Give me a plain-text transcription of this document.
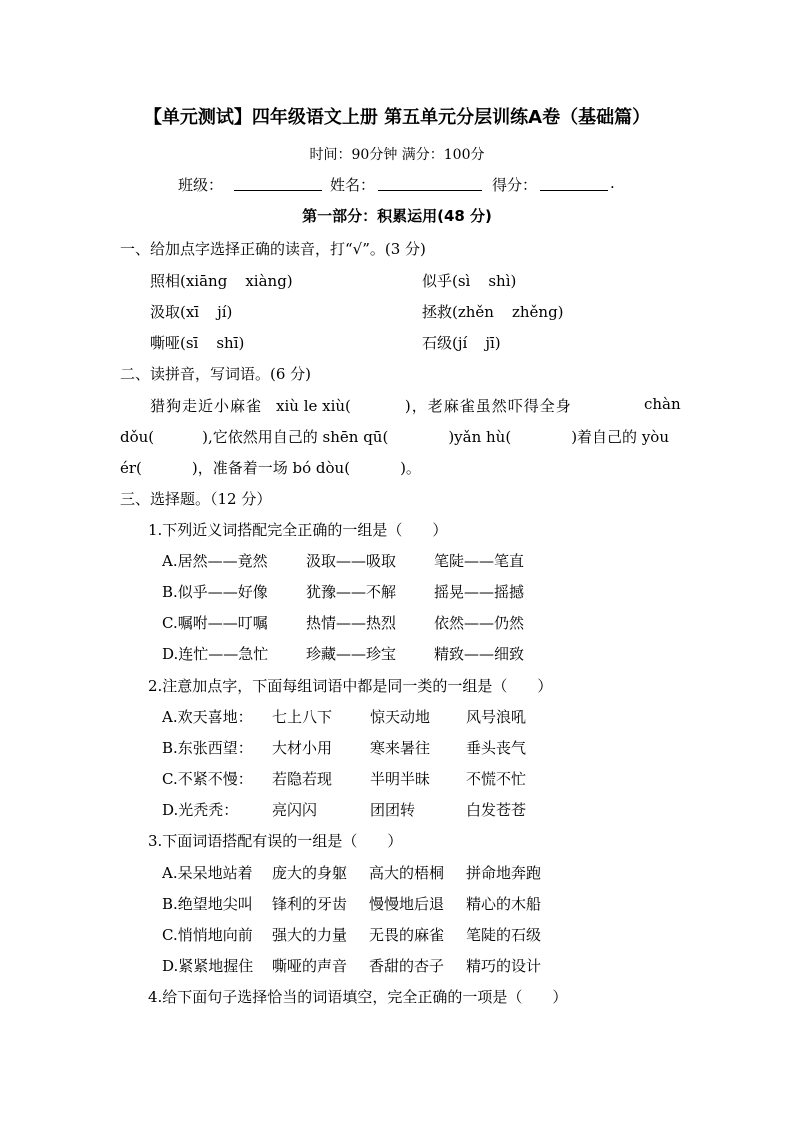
【单元测试】四年级语文上册 第五单元分层训练A卷（基础篇）
时间：90分钟 满分：100分
班级：	姓名：	得分：	.
第一部分：积累运用(48 分)
一、给加点字选择正确的读音，打“√”。(3 分)
照相(xiāng xiàng)	似乎(sì shì)
汲取(xī jí)	拯救(zhěn zhěng)
嘶哑(sī shī)	石级(jí jī)
二、读拼音，写词语。(6 分)
猎狗走近小麻雀 xiù le xiù(	)，老麻雀虽然吓得全身	chàn
dǒu(	),它依然用自己的 shēn qū(	)yǎn hù(	)着自己的 yòu
ér(	)，准备着一场 bó dòu(	)。
三、选择题。（12 分）
1.下列近义词搭配完全正确的一组是（　　）
A.居然——竟然	汲取——吸取	笔陡——笔直
B.似乎——好像	犹豫——不解	摇晃——摇撼
C.嘱咐——叮嘱	热情——热烈	依然——仍然
D.连忙——急忙	珍藏——珍宝	精致——细致
2.注意加点字，下面每组词语中都是同一类的一组是（　　）
A.欢天喜地： 七上八下	惊天动地 风号浪吼
B.东张西望： 大材小用	寒来暑往 垂头丧气
C.不紧不慢： 若隐若现	半明半昧 不慌不忙
D.光秃秃： 亮闪闪	团团转	白发苍苍
3.下面词语搭配有误的一组是（　　）
A.呆呆地站着 庞大的身躯 高大的梧桐 拼命地奔跑
B.绝望地尖叫 锋利的牙齿 慢慢地后退 精心的木船
C.悄悄地向前 强大的力量 无畏的麻雀 笔陡的石级
D.紧紧地握住 嘶哑的声音 香甜的杏子 精巧的设计
4.给下面句子选择恰当的词语填空，完全正确的一项是（　　）
